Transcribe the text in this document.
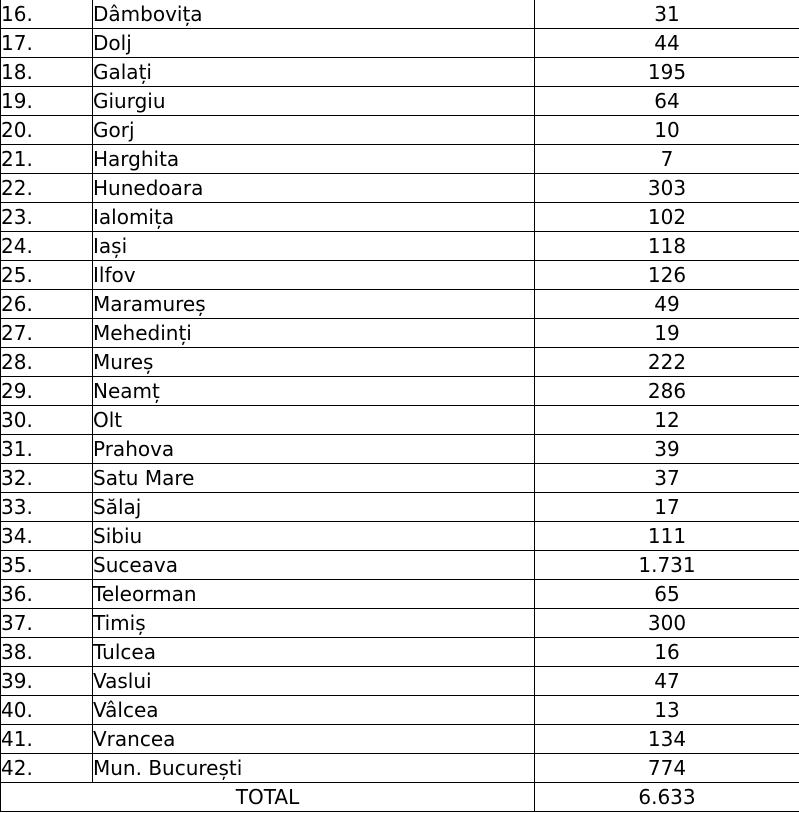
16.	Dâmbovița	31
17.	Dolj	44
18.	Galați	195
19.	Giurgiu	64
20.	Gorj	10
21.	Harghita	7
22.	Hunedoara	303
23.	Ialomița	102
24.	Iași	118
25.	Ilfov	126
26.	Maramureș	49
27.	Mehedinți	19
28.	Mureș	222
29.	Neamț	286
30.	Olt	12
31.	Prahova	39
32.	Satu Mare	37
33.	Sălaj	17
34.	Sibiu	111
35.	Suceava	1.731
36.	Teleorman	65
37.	Timiș	300
38.	Tulcea	16
39.	Vaslui	47
40.	Vâlcea	13
41.	Vrancea	134
42.	Mun. București	774
TOTAL		6.633
